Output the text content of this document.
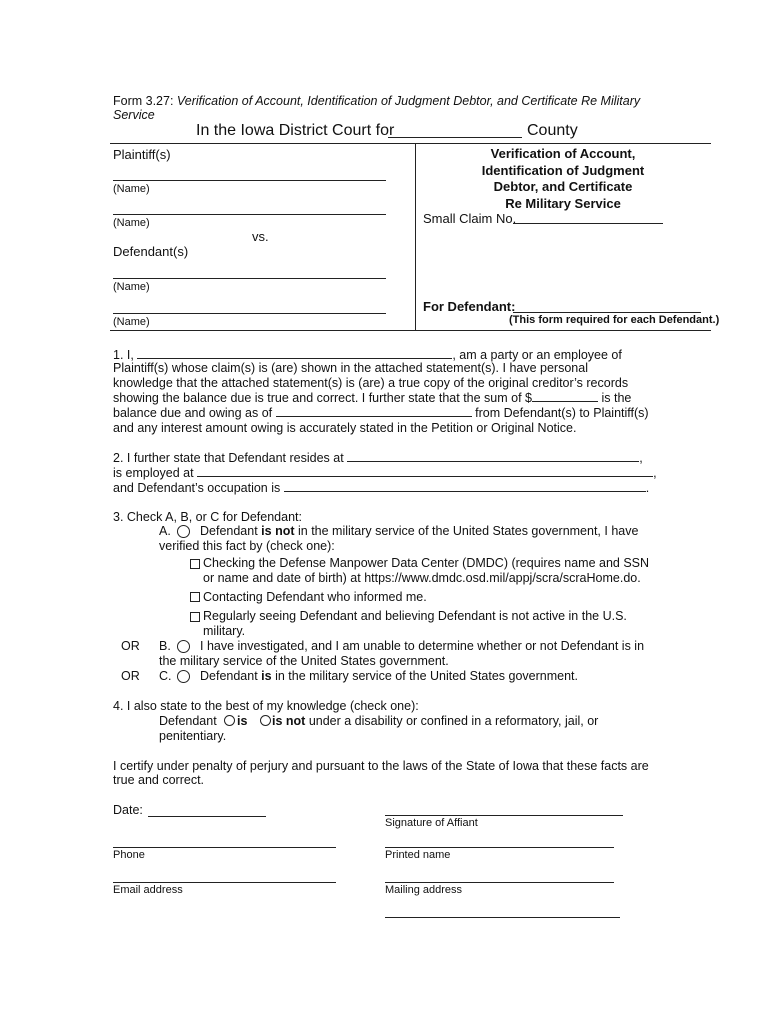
Form 3.27: Verification of Account, Identification of Judgment Debtor, and Certificate Re Military
Service
In the Iowa District Court for	County
Plaintiff(s)
(Name)
(Name)
vs.
Defendant(s)
(Name)
(Name)
Verification of Account,
Identification of Judgment
Debtor, and Certificate
Re Military Service
Small Claim No.
For Defendant:
(This form required for each Defendant.)
1. I,	, am a party or an employee of
Plaintiff(s) whose claim(s) is (are) shown in the attached statement(s). I have personal
knowledge that the attached statement(s) is (are) a true copy of the original creditor’s records
showing the balance due is true and correct. I further state that the sum of $	is the
balance due and owing as of	from Defendant(s) to Plaintiff(s)
and any interest amount owing is accurately stated in the Petition or Original Notice.
2. I further state that Defendant resides at	,
is employed at	,
and Defendant’s occupation is	.
3. Check A, B, or C for Defendant:
A. Defendant is not in the military service of the United States government, I have
verified this fact by (check one):
Checking the Defense Manpower Data Center (DMDC) (requires name and SSN
or name and date of birth) at https://www.dmdc.osd.mil/appj/scra/scraHome.do.
Contacting Defendant who informed me.
Regularly seeing Defendant and believing Defendant is not active in the U.S.
military.
OR B. I have investigated, and I am unable to determine whether or not Defendant is in
the military service of the United States government.
OR C. Defendant is in the military service of the United States government.
4. I also state to the best of my knowledge (check one):
Defendant is is not under a disability or confined in a reformatory, jail, or
penitentiary.
I certify under penalty of perjury and pursuant to the laws of the State of Iowa that these facts are
true and correct.
Date:
Signature of Affiant
Phone	Printed name
Email address	Mailing address
